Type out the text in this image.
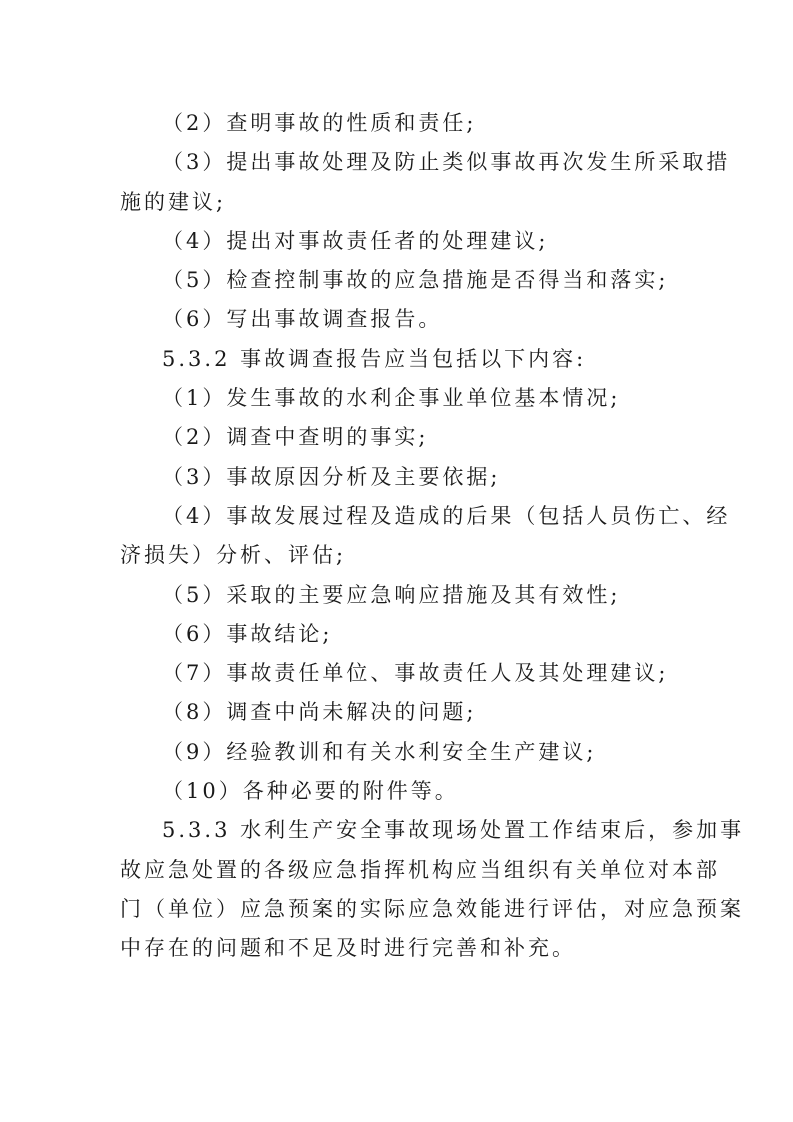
（2）查明事故的性质和责任;
（3）提出事故处理及防止类似事故再次发生所采取措
施的建议;
（4）提出对事故责任者的处理建议;
（5）检查控制事故的应急措施是否得当和落实;
（6）写出事故调查报告。
5.3.2 事故调查报告应当包括以下内容:
（1）发生事故的水利企事业单位基本情况;
（2）调查中查明的事实;
（3）事故原因分析及主要依据;
（4）事故发展过程及造成的后果（包括人员伤亡、经
济损失）分析、评估;
（5）采取的主要应急响应措施及其有效性;
（6）事故结论;
（7）事故责任单位、事故责任人及其处理建议;
（8）调查中尚未解决的问题;
（9）经验教训和有关水利安全生产建议;
（10）各种必要的附件等。
5.3.3 水利生产安全事故现场处置工作结束后，参加事
故应急处置的各级应急指挥机构应当组织有关单位对本部
门（单位）应急预案的实际应急效能进行评估，对应急预案
中存在的问题和不足及时进行完善和补充。
